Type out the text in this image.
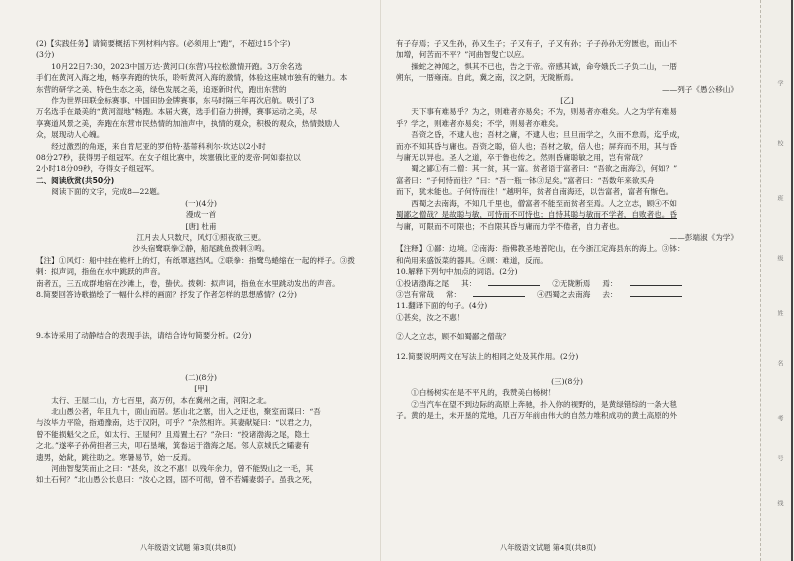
(2)【实践任务】请简要概括下列材料内容。(必须用上“跑”，不超过15个字)
(3分)
10月22日7:30，2023中国万达·黄河口(东营)马拉松激情开跑。3万余名选
手们在黄河入海之地，畅享奔跑的快乐，聆听黄河入海的激情，体验这座城市独有的魅力。本
东营的研学之美、特色生态之美，绿色发展之美，追逐新时代，跑出东营的
作为世界田联金标赛事、中国田协金牌赛事，东马时隔三年再次启航。吸引了3
万名选手在最美的“黄河湿地”畅跑。本届大赛，选手们奋力拼搏，赛事运动之美，尽
享赛道风景之美，奔跑在东营市民热情的加油声中，执情的观众，积极的观众，热情鼓励人
众，展现动人心魄。
经过激烈的角逐，来自肯尼亚的罗伯特·基蒂科利尔·坎达以2小时
08分27秒，获得男子组冠军。在女子组比赛中，埃塞俄比亚的麦帝·阿如泰拉以
2小时18分09秒，夺得女子组冠军。
二、阅读欣赏(共50分)
阅读下面的文字，完成8—22题。
(一)(4分)
漫成一首
[唐] 杜甫
江月去人只数尺，风灯①照夜欲三更。
沙头宿鹭联拳②静，船尾跳鱼拨剌③鸣。
【注】①风灯：船中挂在桅杆上的灯，有纸罩遮挡风。②联拳：指鹭鸟蜷缩在一起的样子。③拨剌：拟声词，指鱼在水中跳跃的声音。
南者五，三五成群地宿在沙滩上，卷，蛰伏。拨剌：拟声词，指鱼在水里跳动发出的声音。
8.简要回答诗歌描绘了一幅什么样的画面？抒发了作者怎样的思想感情？(2分)
9.本诗采用了动静结合的表现手法，请结合诗句简要分析。(2分)
(二)(8分)
[甲]
太行、王屋二山，方七百里，高万仞，本在冀州之南，河阳之北。
北山愚公者，年且九十，面山而居。惩山北之塞，出入之迂也，聚室而谋曰：“吾
与汝毕力平险，指通豫南，达于汉阴，可乎？”杂然相许。其妻献疑曰：“以君之力，
曾不能损魁父之丘，如太行、王屋何？且焉置土石？”杂曰：“投诸渤海之尾，隐土
之北。”遂率子孙荷担者三夫，叩石垦壤，箕畚运于渤海之尾。邻人京城氏之孀妻有
遗男，始龀，跳往助之。寒暑易节，始一反焉。
河曲智叟笑而止之曰：“甚矣，汝之不惠！以残年余力，曾不能毁山之一毛，其
如土石何？”北山愚公长息曰：“汝心之固，固不可彻，曾不若孀妻弱子。虽我之死，
八年级语文试题 第3页(共8页)
有子存焉；子又生孙，孙又生子；子又有子，子又有孙；子子孙孙无穷匮也，而山不
加增，何苦而不平？”河曲智叟亡以应。
操蛇之神闻之，惧其不已也，告之于帝。帝感其诚，命夸娥氏二子负二山，一厝
朔东，一厝雍南。自此，冀之南，汉之阴，无陇断焉。
——列子《愚公移山》
[乙]
天下事有难易乎？为之，则难者亦易矣；不为，则易者亦难矣。人之为学有难易
乎？学之，则难者亦易矣；不学，则易者亦难矣。
吾资之昏，不逮人也；吾材之庸，不逮人也；旦旦而学之，久而不怠焉，迄乎成，
而亦不知其昏与庸也。吾资之聪，倍人也；吾材之敏，倍人也；屏弃而不用，其与昏
与庸无以异也。圣人之道，卒于鲁也传之。然则昏庸聪敏之用，岂有常哉？
蜀之鄙①有二僧：其一贫，其一富。贫者语于富者曰：“吾欲之南海②，何如？”
富者曰：“子何恃而往？”曰：“吾一瓶一钵③足矣。”富者曰：“吾数年来欲买舟
而下，犹未能也。子何恃而往！”越明年，贫者自南海还，以告富者，富者有惭色。
西蜀之去南海，不知几千里也，僧富者不能至而贫者至焉。人之立志，顾④不如
蜀鄙之僧哉？是故聪与敏，可恃而不可恃也；自恃其聪与敏而不学者，自败者也。昏
与庸，可限而不可限也；不自限其昏与庸而力学不倦者，自力者也。
——彭端淑《为学》
【注释】①鄙：边境。②南海：指佛教圣地普陀山，在今浙江定海县东的海上。③钵：
和尚用来盛饭菜的器具。④顾：难道，反而。
10.解释下列句中加点的词语。(2分)
①投诸渤海之尾 其：	②无陇断焉 焉：
③岂有常哉 常：	④西蜀之去南海 去：
11.翻译下面的句子。(4分)
①甚矣，汝之不惠！
②人之立志，顾不如蜀鄙之僧哉？
12.简要说明两文在写法上的相同之处及其作用。(2分)
(三)(8分)
①白杨树实在是不平凡的，我赞美白杨树！
②当汽车在望不到边际的高原上奔驰，扑入你的视野的，是黄绿错综的一条大毯
子。黄的是土，未开垦的荒地，几百万年前由伟大的自然力堆积成功的黄土高原的外
八年级语文试题 第4页(共8页)
学
校
班
级
姓
名
考
号
线
